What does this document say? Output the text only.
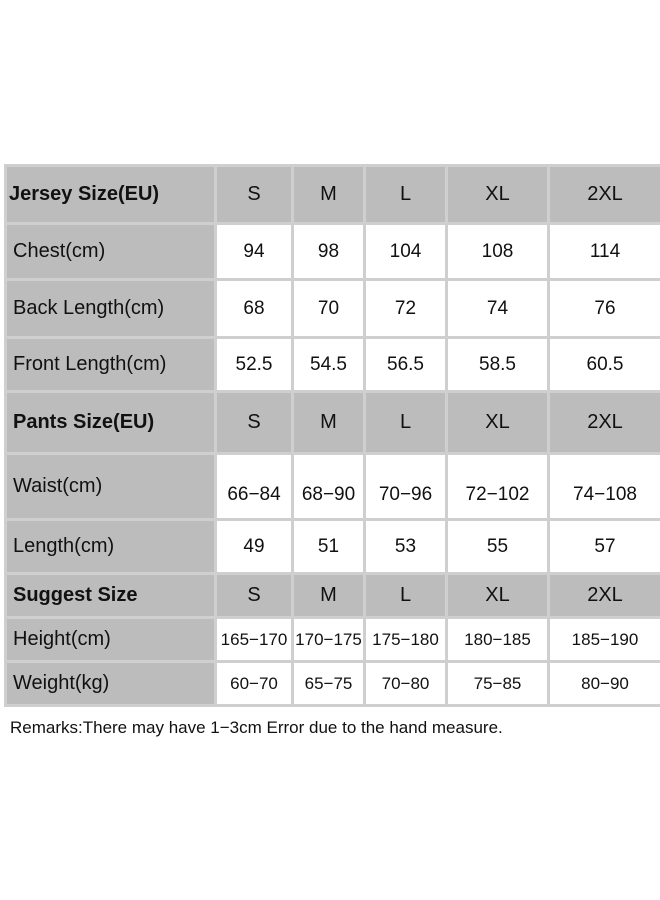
Jersey Size(EU)	S	M	L	XL	2XL
Chest(cm)	94	98	104	108	114
Back Length(cm)	68	70	72	74	76
Front Length(cm)	52.5	54.5	56.5	58.5	60.5
Pants Size(EU)	S	M	L	XL	2XL
Waist(cm)	66−84	68−90	70−96	72−102	74−108
Length(cm)	49	51	53	55	57
Suggest Size	S	M	L	XL	2XL
Height(cm)	165−170	170−175	175−180	180−185	185−190
Weight(kg)	60−70	65−75	70−80	75−85	80−90
Remarks:There may have 1−3cm Error due to the hand measure.
